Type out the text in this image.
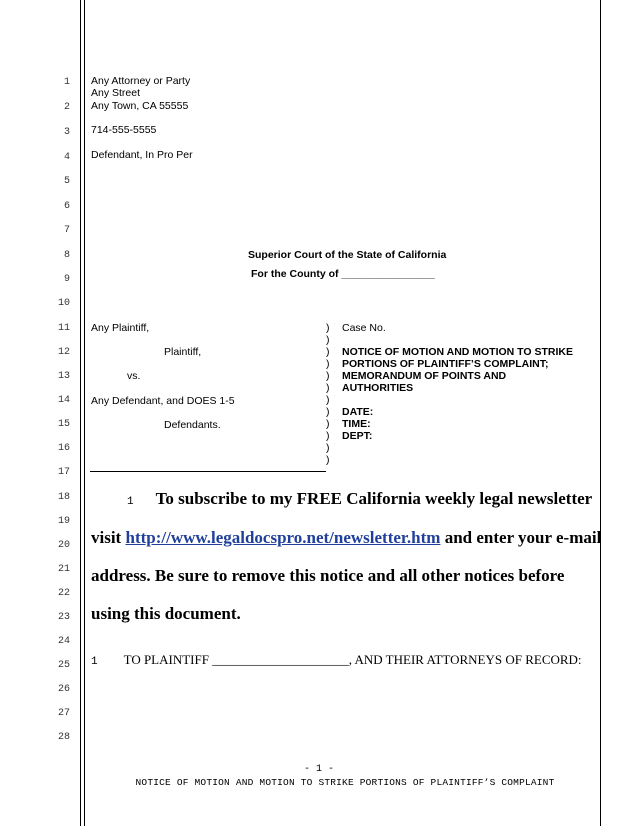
1
2
3
4
5
6
7
8
9
10
11
12
13
14
15
16
17
18
19
20
21
22
23
24
25
26
27
28
Any Attorney or Party
Any Street
Any Town, CA 55555
714-555-5555
Defendant, In Pro Per
Superior Court of the State of California
For the County of ________________
Any Plaintiff,
Plaintiff,
vs.
Any Defendant, and DOES 1-5
Defendants.
)
)
)
)
)
)
)
)
)
)
)
)
Case No.
NOTICE OF MOTION AND MOTION TO STRIKE
PORTIONS OF PLAINTIFF’S COMPLAINT;
MEMORANDUM OF POINTS AND
AUTHORITIES
DATE:
TIME:
DEPT:
1 To subscribe to my FREE California weekly legal newsletter
visit http://www.legaldocspro.net/newsletter.htm and enter your e-mail
address. Be sure to remove this notice and all other notices before
using this document.
1 TO PLAINTIFF _____________________, AND THEIR ATTORNEYS OF RECORD:
- 1 -
NOTICE OF MOTION AND MOTION TO STRIKE PORTIONS OF PLAINTIFF’S COMPLAINT
